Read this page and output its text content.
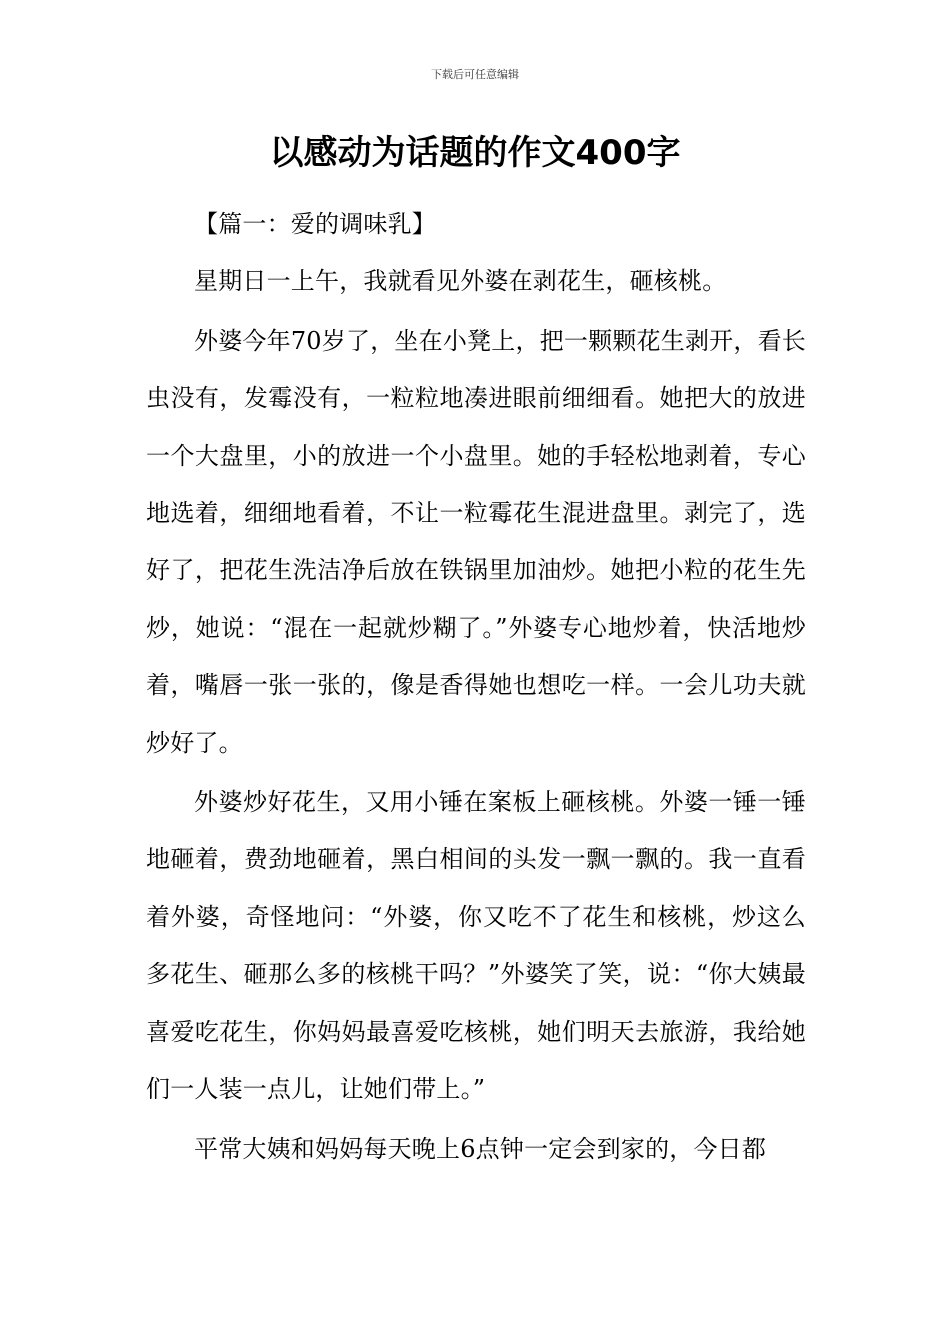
下载后可任意编辑
以感动为话题的作文400字

【篇一：爱的调味乳】

星期日一上午，我就看见外婆在剥花生，砸核桃。

外婆今年70岁了，坐在小凳上，把一颗颗花生剥开，看长虫没有，发霉没有，一粒粒地凑进眼前细细看。她把大的放进一个大盘里，小的放进一个小盘里。她的手轻松地剥着，专心地选着，细细地看着，不让一粒霉花生混进盘里。剥完了，选好了，把花生洗洁净后放在铁锅里加油炒。她把小粒的花生先炒，她说：“混在一起就炒糊了。”外婆专心地炒着，快活地炒着，嘴唇一张一张的，像是香得她也想吃一样。一会儿功夫就炒好了。

外婆炒好花生，又用小锤在案板上砸核桃。外婆一锤一锤地砸着，费劲地砸着，黑白相间的头发一飘一飘的。我一直看着外婆，奇怪地问：“外婆，你又吃不了花生和核桃，炒这么多花生、砸那么多的核桃干吗？”外婆笑了笑，说：“你大姨最喜爱吃花生，你妈妈最喜爱吃核桃，她们明天去旅游，我给她们一人装一点儿，让她们带上。”

平常大姨和妈妈每天晚上6点钟一定会到家的，今日都
